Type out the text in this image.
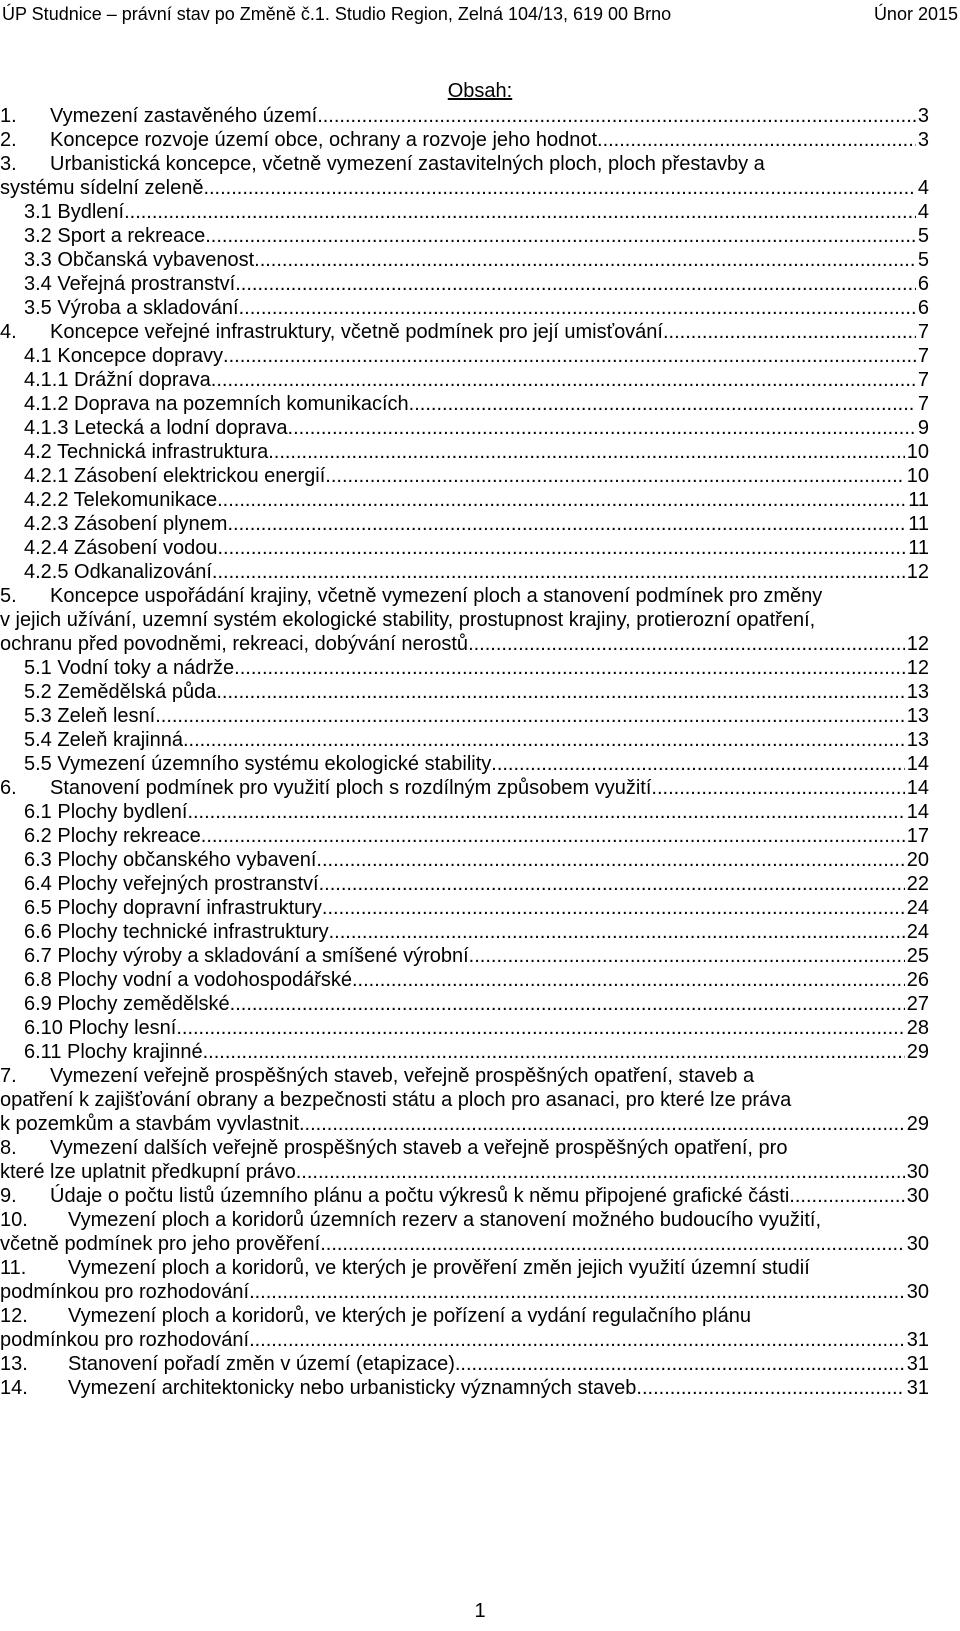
ÚP Studnice – právní stav po Změně č.1. Studio Region, Zelná 104/13, 619 00 Brno	Únor 2015
Obsah:
1.	Vymezení zastavěného území .....	3
2.	Koncepce rozvoje území obce, ochrany a rozvoje jeho hodnot .....	3
3. Urbanistická koncepce, včetně vymezení zastavitelných ploch, ploch přestavby a
systému sídelní zeleně .....	4
3.1 Bydlení .....	4
3.2 Sport a rekreace .....	5
3.3 Občanská vybavenost .....	5
3.4 Veřejná prostranství .....	6
3.5 Výroba a skladování .....	6
4.	Koncepce veřejné infrastruktury, včetně podmínek pro její umisťování .....	7
4.1 Koncepce dopravy .....	7
4.1.1 Drážní doprava .....	7
4.1.2 Doprava na pozemních komunikacích .....	7
4.1.3 Letecká a lodní doprava .....	9
4.2 Technická infrastruktura .....	10
4.2.1 Zásobení elektrickou energií .....	10
4.2.2 Telekomunikace .....	11
4.2.3 Zásobení plynem .....	11
4.2.4 Zásobení vodou .....	11
4.2.5 Odkanalizování .....	12
5. Koncepce uspořádání krajiny, včetně vymezení ploch a stanovení podmínek pro změny
v jejich užívání, uzemní systém ekologické stability, prostupnost krajiny, protierozní opatření,
ochranu před povodněmi, rekreaci, dobývání nerostů .....	12
5.1 Vodní toky a nádrže .....	12
5.2 Zemědělská půda .....	13
5.3 Zeleň lesní .....	13
5.4 Zeleň krajinná .....	13
5.5 Vymezení územního systému ekologické stability .....	14
6.	Stanovení podmínek pro využití ploch s rozdílným způsobem využití .....	14
6.1 Plochy bydlení .....	14
6.2 Plochy rekreace .....	17
6.3 Plochy občanského vybavení .....	20
6.4 Plochy veřejných prostranství .....	22
6.5 Plochy dopravní infrastruktury .....	24
6.6 Plochy technické infrastruktury .....	24
6.7 Plochy výroby a skladování a smíšené výrobní .....	25
6.8 Plochy vodní a vodohospodářské .....	26
6.9 Plochy zemědělské .....	27
6.10 Plochy lesní .....	28
6.11 Plochy krajinné .....	29
7. Vymezení veřejně prospěšných staveb, veřejně prospěšných opatření, staveb a
opatření k zajišťování obrany a bezpečnosti státu a ploch pro asanaci, pro které lze práva
k pozemkům a stavbám vyvlastnit .....	29
8. Vymezení dalších veřejně prospěšných staveb a veřejně prospěšných opatření, pro
které lze uplatnit předkupní právo .....	30
9.	Údaje o počtu listů územního plánu a počtu výkresů k němu připojené grafické části .....	30
10. Vymezení ploch a koridorů územních rezerv a stanovení možného budoucího využití,
včetně podmínek pro jeho prověření .....	30
11. Vymezení ploch a koridorů, ve kterých je prověření změn jejich využití územní studií
podmínkou pro rozhodování .....	30
12. Vymezení ploch a koridorů, ve kterých je pořízení a vydání regulačního plánu
podmínkou pro rozhodování .....	31
13.	Stanovení pořadí změn v území (etapizace) .....	31
14.	Vymezení architektonicky nebo urbanisticky významných staveb .....	31
1
